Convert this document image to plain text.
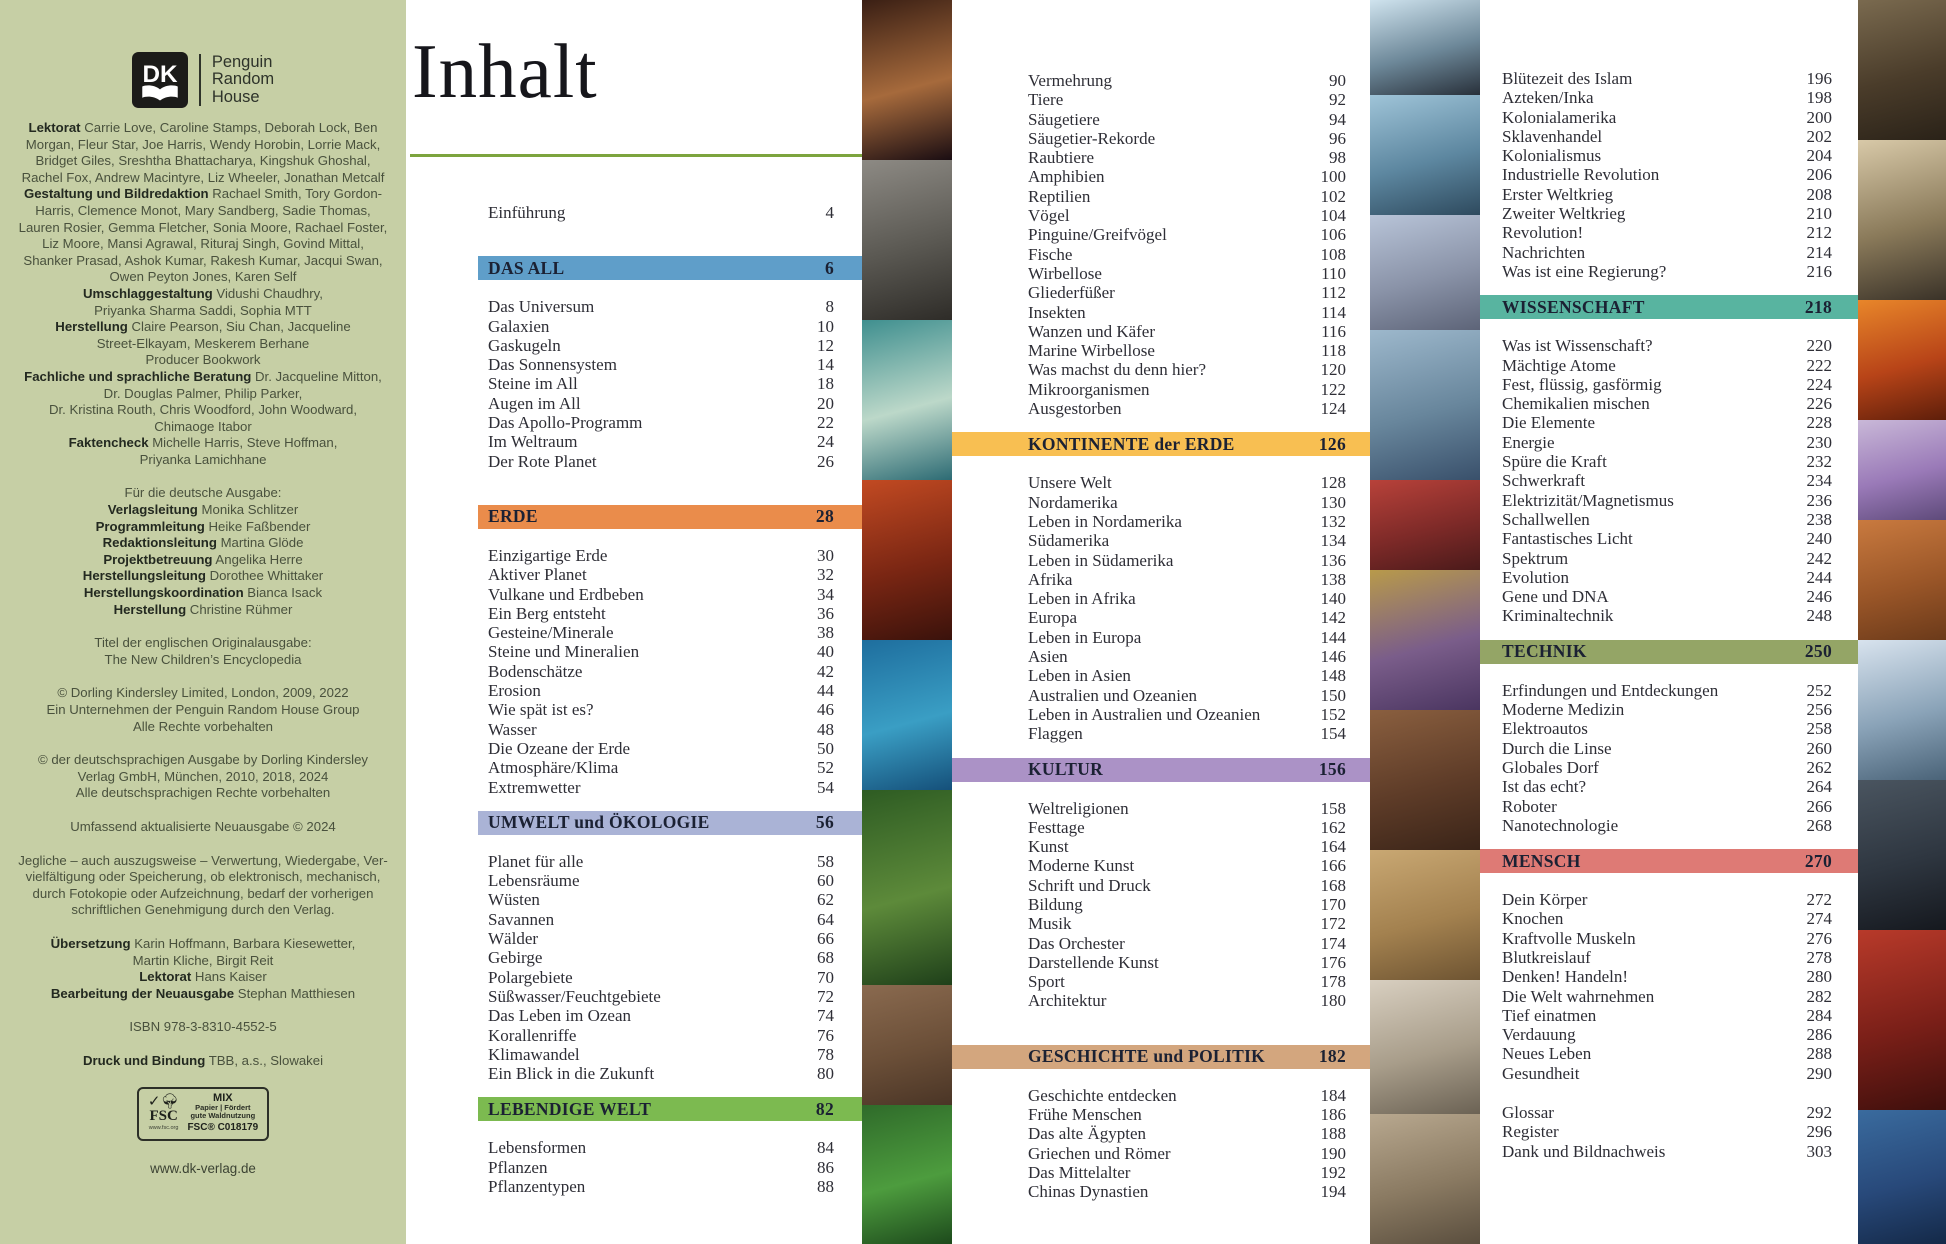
DK Penguin
Random
House
Lektorat Carrie Love, Caroline Stamps, Deborah Lock, Ben
Morgan, Fleur Star, Joe Harris, Wendy Horobin, Lorrie Mack,
Bridget Giles, Sreshtha Bhattacharya, Kingshuk Ghoshal,
Rachel Fox, Andrew Macintyre, Liz Wheeler, Jonathan Metcalf
Gestaltung und Bildredaktion Rachael Smith, Tory Gordon-
Harris, Clemence Monot, Mary Sandberg, Sadie Thomas,
Lauren Rosier, Gemma Fletcher, Sonia Moore, Rachael Foster,
Liz Moore, Mansi Agrawal, Rituraj Singh, Govind Mittal,
Shanker Prasad, Ashok Kumar, Rakesh Kumar, Jacqui Swan,
Owen Peyton Jones, Karen Self
Umschlaggestaltung Vidushi Chaudhry,
Priyanka Sharma Saddi, Sophia MTT
Herstellung Claire Pearson, Siu Chan, Jacqueline
Street-Elkayam, Meskerem Berhane
Producer Bookwork
Fachliche und sprachliche Beratung Dr. Jacqueline Mitton,
Dr. Douglas Palmer, Philip Parker,
Dr. Kristina Routh, Chris Woodford, John Woodward,
Chimaoge Itabor
Faktencheck Michelle Harris, Steve Hoffman,
Priyanka Lamichhane
Für die deutsche Ausgabe:
Verlagsleitung Monika Schlitzer
Programmleitung Heike Faßbender
Redaktionsleitung Martina Glöde
Projektbetreuung Angelika Herre
Herstellungsleitung Dorothee Whittaker
Herstellungskoordination Bianca Isack
Herstellung Christine Rühmer
Titel der englischen Originalausgabe:
The New Children’s Encyclopedia
© Dorling Kindersley Limited, London, 2009, 2022
Ein Unternehmen der Penguin Random House Group
Alle Rechte vorbehalten
© der deutschsprachigen Ausgabe by Dorling Kindersley
Verlag GmbH, München, 2010, 2018, 2024
Alle deutschsprachigen Rechte vorbehalten
Umfassend aktualisierte Neuausgabe © 2024
Jegliche – auch auszugsweise – Verwertung, Wiedergabe, Ver-
vielfältigung oder Speicherung, ob elektronisch, mechanisch,
durch Fotokopie oder Aufzeichnung, bedarf der vorherigen
schriftlichen Genehmigung durch den Verlag.
Übersetzung Karin Hoffmann, Barbara Kiesewetter,
Martin Kliche, Birgit Reit
Lektorat Hans Kaiser
Bearbeitung der Neuausgabe Stephan Matthiesen
ISBN 978-3-8310-4552-5
Druck und Bindung TBB, a.s., Slowakei
✓🌳︎
FSC
www.fsc.org
MIX
Papier | Fördert
gute Waldnutzung
FSC® C018179
www.dk-verlag.de
Inhalt
Einführung	4
DAS ALL	6
Das Universum	8
Galaxien	10
Gaskugeln	12
Das Sonnensystem	14
Steine im All	18
Augen im All	20
Das Apollo-Programm	22
Im Weltraum	24
Der Rote Planet	26
ERDE	28
Einzigartige Erde	30
Aktiver Planet	32
Vulkane und Erdbeben	34
Ein Berg entsteht	36
Gesteine/Minerale	38
Steine und Mineralien	40
Bodenschätze	42
Erosion	44
Wie spät ist es?	46
Wasser	48
Die Ozeane der Erde	50
Atmosphäre/Klima	52
Extremwetter	54
UMWELT und ÖKOLOGIE	56
Planet für alle	58
Lebensräume	60
Wüsten	62
Savannen	64
Wälder	66
Gebirge	68
Polargebiete	70
Süßwasser/Feuchtgebiete	72
Das Leben im Ozean	74
Korallenriffe	76
Klimawandel	78
Ein Blick in die Zukunft	80
LEBENDIGE WELT	82
Lebensformen	84
Pflanzen	86
Pflanzentypen	88
Vermehrung	90
Tiere	92
Säugetiere	94
Säugetier-Rekorde	96
Raubtiere	98
Amphibien	100
Reptilien	102
Vögel	104
Pinguine/Greifvögel	106
Fische	108
Wirbellose	110
Gliederfüßer	112
Insekten	114
Wanzen und Käfer	116
Marine Wirbellose	118
Was machst du denn hier?	120
Mikroorganismen	122
Ausgestorben	124
KONTINENTE der ERDE	126
Unsere Welt	128
Nordamerika	130
Leben in Nordamerika	132
Südamerika	134
Leben in Südamerika	136
Afrika	138
Leben in Afrika	140
Europa	142
Leben in Europa	144
Asien	146
Leben in Asien	148
Australien und Ozeanien	150
Leben in Australien und Ozeanien	152
Flaggen	154
KULTUR	156
Weltreligionen	158
Festtage	162
Kunst	164
Moderne Kunst	166
Schrift und Druck	168
Bildung	170
Musik	172
Das Orchester	174
Darstellende Kunst	176
Sport	178
Architektur	180
GESCHICHTE und POLITIK	182
Geschichte entdecken	184
Frühe Menschen	186
Das alte Ägypten	188
Griechen und Römer	190
Das Mittelalter	192
Chinas Dynastien	194
Blütezeit des Islam	196
Azteken/Inka	198
Kolonialamerika	200
Sklavenhandel	202
Kolonialismus	204
Industrielle Revolution	206
Erster Weltkrieg	208
Zweiter Weltkrieg	210
Revolution!	212
Nachrichten	214
Was ist eine Regierung?	216
WISSENSCHAFT	218
Was ist Wissenschaft?	220
Mächtige Atome	222
Fest, flüssig, gasförmig	224
Chemikalien mischen	226
Die Elemente	228
Energie	230
Spüre die Kraft	232
Schwerkraft	234
Elektrizität/Magnetismus	236
Schallwellen	238
Fantastisches Licht	240
Spektrum	242
Evolution	244
Gene und DNA	246
Kriminaltechnik	248
TECHNIK	250
Erfindungen und Entdeckungen	252
Moderne Medizin	256
Elektroautos	258
Durch die Linse	260
Globales Dorf	262
Ist das echt?	264
Roboter	266
Nanotechnologie	268
MENSCH	270
Dein Körper	272
Knochen	274
Kraftvolle Muskeln	276
Blutkreislauf	278
Denken! Handeln!	280
Die Welt wahrnehmen	282
Tief einatmen	284
Verdauung	286
Neues Leben	288
Gesundheit	290
Glossar	292
Register	296
Dank und Bildnachweis	303
